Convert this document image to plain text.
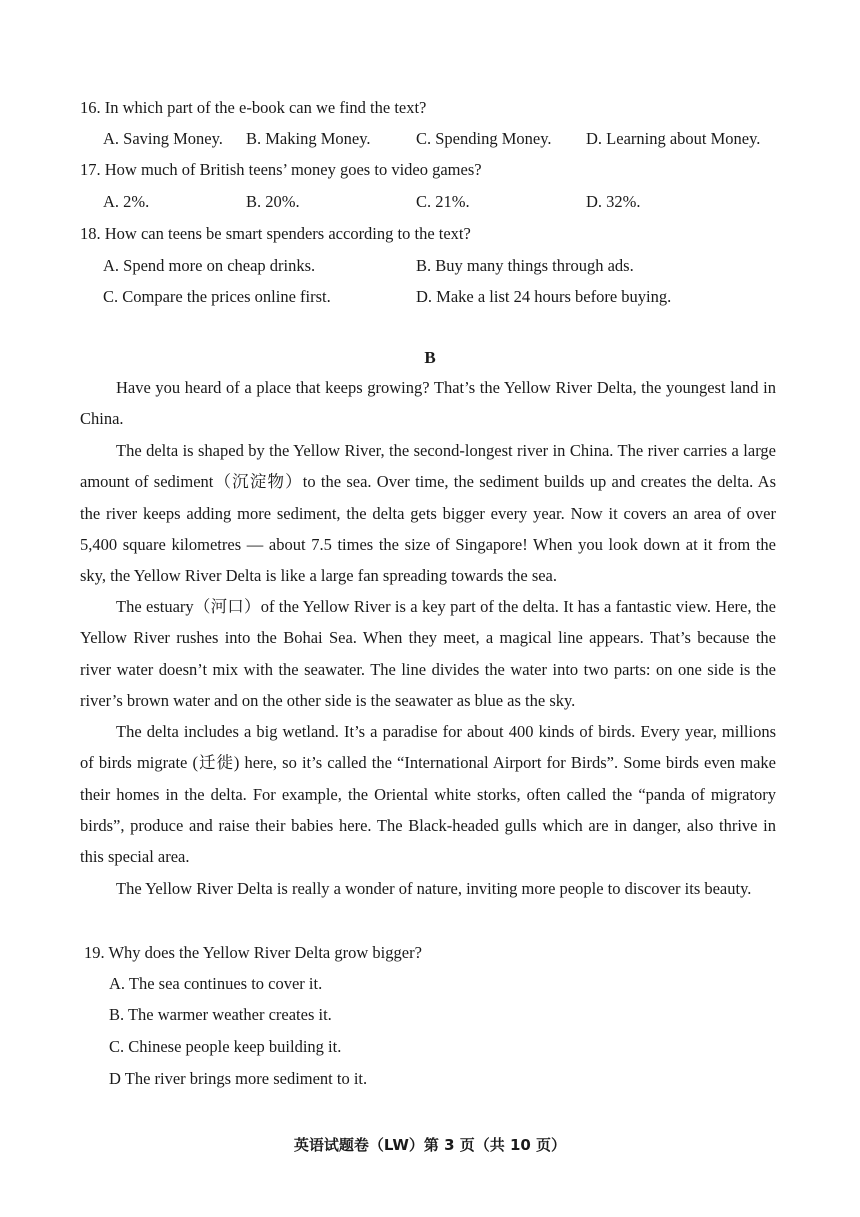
16. In which part of the e-book can we find the text?
A. Saving Money. B. Making Money.	C. Spending Money. D. Learning about Money.
17. How much of British teens’ money goes to video games?
A. 2%.	B. 20%.	C. 21%.	D. 32%.
18. How can teens be smart spenders according to the text?
A. Spend more on cheap drinks.	B. Buy many things through ads.
C. Compare the prices online first.	D. Make a list 24 hours before buying.
B
Have you heard of a place that keeps growing? That’s the Yellow River Delta, the youngest land in China.
The delta is shaped by the Yellow River, the second-longest river in China. The river carries a large amount of sediment（沉淀物）to the sea. Over time, the sediment builds up and creates the delta. As the river keeps adding more sediment, the delta gets bigger every year. Now it covers an area of over 5,400 square kilometres — about 7.5 times the size of Singapore! When you look down at it from the sky, the Yellow River Delta is like a large fan spreading towards the sea.
The estuary（河口）of the Yellow River is a key part of the delta. It has a fantastic view. Here, the Yellow River rushes into the Bohai Sea. When they meet, a magical line appears. That’s because the river water doesn’t mix with the seawater. The line divides the water into two parts: on one side is the river’s brown water and on the other side is the seawater as blue as the sky.
The delta includes a big wetland. It’s a paradise for about 400 kinds of birds. Every year, millions of birds migrate (迁徙) here, so it’s called the “International Airport for Birds”. Some birds even make their homes in the delta. For example, the Oriental white storks, often called the “panda of migratory birds”, produce and raise their babies here. The Black-headed gulls which are in danger, also thrive in this special area.
The Yellow River Delta is really a wonder of nature, inviting more people to discover its beauty.
19. Why does the Yellow River Delta grow bigger?
A. The sea continues to cover it.
B. The warmer weather creates it.
C. Chinese people keep building it.
D The river brings more sediment to it.
英语试题卷（LW）第 3 页（共 10 页）
